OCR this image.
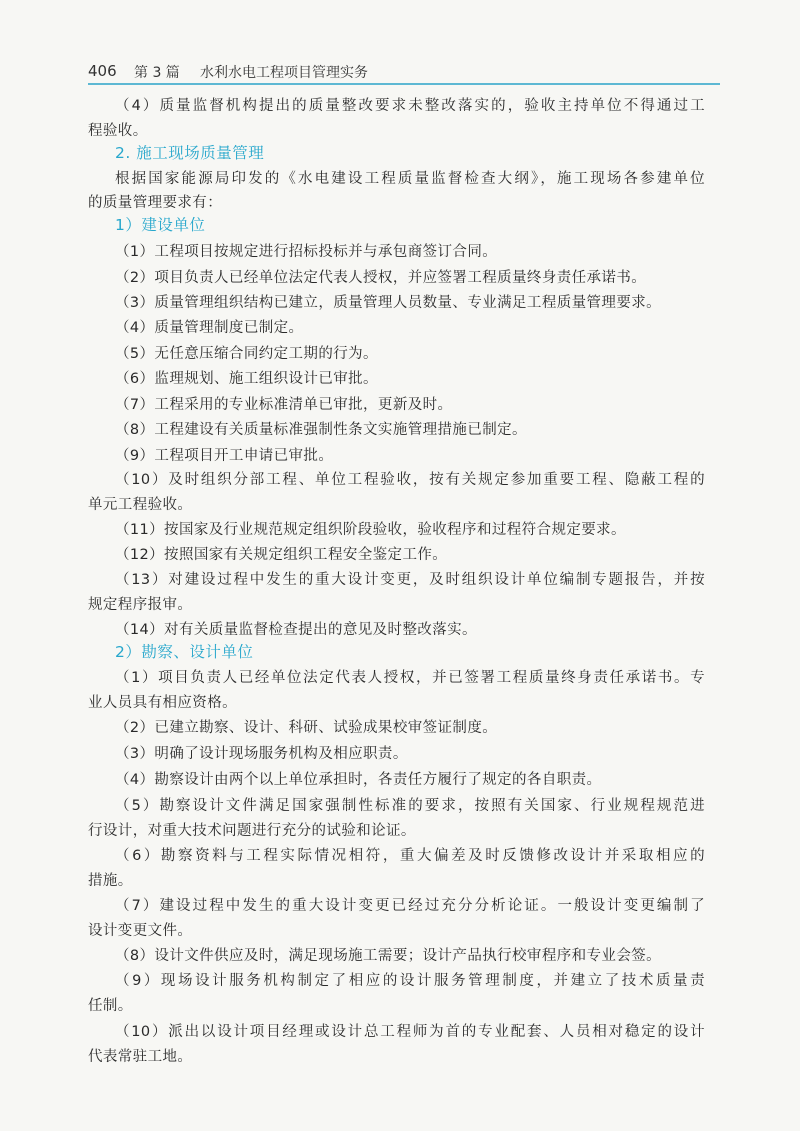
406 第 3 篇 水利水电工程项目管理实务
（4）质量监督机构提出的质量整改要求未整改落实的，验收主持单位不得通过工
程验收。
2. 施工现场质量管理
根据国家能源局印发的《水电建设工程质量监督检查大纲》，施工现场各参建单位
的质量管理要求有：
1）建设单位
（1）工程项目按规定进行招标投标并与承包商签订合同。
（2）项目负责人已经单位法定代表人授权，并应签署工程质量终身责任承诺书。
（3）质量管理组织结构已建立，质量管理人员数量、专业满足工程质量管理要求。
（4）质量管理制度已制定。
（5）无任意压缩合同约定工期的行为。
（6）监理规划、施工组织设计已审批。
（7）工程采用的专业标准清单已审批，更新及时。
（8）工程建设有关质量标准强制性条文实施管理措施已制定。
（9）工程项目开工申请已审批。
（10）及时组织分部工程、单位工程验收，按有关规定参加重要工程、隐蔽工程的
单元工程验收。
（11）按国家及行业规范规定组织阶段验收，验收程序和过程符合规定要求。
（12）按照国家有关规定组织工程安全鉴定工作。
（13）对建设过程中发生的重大设计变更，及时组织设计单位编制专题报告，并按
规定程序报审。
（14）对有关质量监督检查提出的意见及时整改落实。
2）勘察、设计单位
（1）项目负责人已经单位法定代表人授权，并已签署工程质量终身责任承诺书。专
业人员具有相应资格。
（2）已建立勘察、设计、科研、试验成果校审签证制度。
（3）明确了设计现场服务机构及相应职责。
（4）勘察设计由两个以上单位承担时，各责任方履行了规定的各自职责。
（5）勘察设计文件满足国家强制性标准的要求，按照有关国家、行业规程规范进
行设计，对重大技术问题进行充分的试验和论证。
（6）勘察资料与工程实际情况相符，重大偏差及时反馈修改设计并采取相应的
措施。
（7）建设过程中发生的重大设计变更已经过充分分析论证。一般设计变更编制了
设计变更文件。
（8）设计文件供应及时，满足现场施工需要；设计产品执行校审程序和专业会签。
（9）现场设计服务机构制定了相应的设计服务管理制度，并建立了技术质量责
任制。
（10）派出以设计项目经理或设计总工程师为首的专业配套、人员相对稳定的设计
代表常驻工地。
